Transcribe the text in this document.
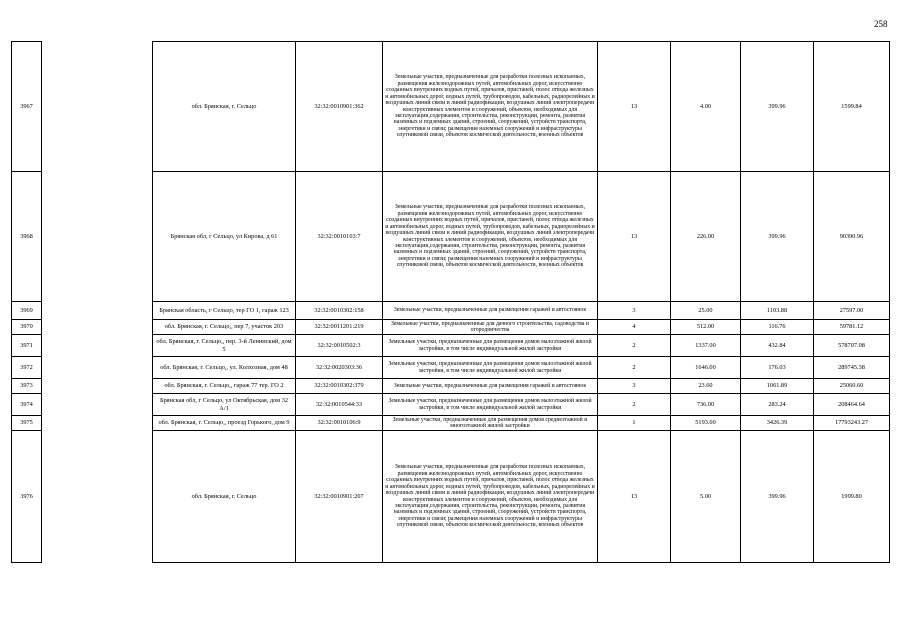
258
3967		обл. Брянская, г. Сельцо	32:32:0010901:362	Земельные участки, предназначенные для разработки полезных ископаемых, размещения железнодорожных путей, автомобильных дорог, искусственно созданных внутренних водных путей, причалов, пристаней, полос отвода железных и автомобильных дорог, водных путей, трубопроводов, кабельных, радиорелейных и воздушных линий связи и линий радиофикации, воздушных линий электропередачи конструктивных элементов и сооружений, объектов, необходимых для эксплуатации,содержания, строительства, реконструкции, ремонта, развития наземных и подземных зданий, строений, сооружений, устройств транспорта, энергетики и связи; размещения наземных сооружений и инфраструктуры спутниковой связи, объектов космической деятельности, военных объектов	13	4.00	399.96	1599.84
3968		Брянская обл, г Сельцо, ул Кирова, д 61	32:32:0010103:7	Земельные участки, предназначенные для разработки полезных ископаемых, размещения железнодорожных путей, автомобильных дорог, искусственно созданных внутренних водных путей, причалов, пристаней, полос отвода железных и автомобильных дорог, водных путей, трубопроводов, кабельных, радиорелейных и воздушных линий связи и линий радиофикации, воздушных линий электропередачи конструктивных элементов и сооружений, объектов, необходимых для эксплуатации,содержания, строительства, реконструкции, ремонта, развития наземных и подземных зданий, строений, сооружений, устройств транспорта, энергетики и связи; размещения наземных сооружений и инфраструктуры спутниковой связи, объектов космической деятельности, военных объектов	13	226.00	399.96	90390.96
3969		Брянская область, г Сельцо, тер ГО 1, гараж 123	32:32:0010302:158	Земельные участки, предназначенные для размещения гаражей и автостоянок	3	25.00	1103.88	27597.00
3970		обл. Брянская, г. Сельцо,, пер 7, участок 203	32:32:0011201:219	Земельные участки, предназначенные для дачного строительства, садоводства и огородничества	4	512.00	116.76	59781.12
3971		обл. Брянская, г. Сельцо,, пер. 3-й Ленинский, дом 5	32:32:0010502:3	Земельные участки, предназначенные для размещения домов малоэтажной жилой застройки, в том числе индивидуальной жилой застройки	2	1337.00	432.84	578707.08
3972		обл. Брянская, г. Сельцо,, ул. Колхозная, дом 48	32:32:0020303:36	Земельные участки, предназначенные для размещения домов малоэтажной жилой застройки, в том числе индивидуальной жилой застройки	2	1646.00	176.03	289745.38
3973		обл. Брянская, г. Сельцо,, гараж 77 тер. ГО 2	32:32:0010302:379	Земельные участки, предназначенные для размещения гаражей и автостоянок	3	23.60	1061.89	25060.60
3974		Брянская обл, г Сельцо, ул Октябрьская, дом 32 А/1	32:32:0010544:33	Земельные участки, предназначенные для размещения домов малоэтажной жилой застройки, в том числе индивидуальной жилой застройки	2	736.00	283.24	208464.64
3975		обл. Брянская, г. Сельцо,, проезд Горького, дом 9	32:32:0010106:9	Земельные участки, предназначенные для размещения домов среднеэтажной и многоэтажной жилой застройки	1	5193.00	3426.39	17793243.27
3976		обл. Брянская, г. Сельцо	32:32:0010901:207	Земельные участки, предназначенные для разработки полезных ископаемых, размещения железнодорожных путей, автомобильных дорог, искусственно созданных внутренних водных путей, причалов, пристаней, полос отвода железных и автомобильных дорог, водных путей, трубопроводов, кабельных, радиорелейных и воздушных линий связи и линий радиофикации, воздушных линий электропередачи конструктивных элементов и сооружений, объектов, необходимых для эксплуатации,содержания, строительства, реконструкции, ремонта, развития наземных и подземных зданий, строений, сооружений, устройств транспорта, энергетики и связи; размещения наземных сооружений и инфраструктуры спутниковой связи, объектов космической деятельности, военных объектов	13	5.00	399.96	1999.80
